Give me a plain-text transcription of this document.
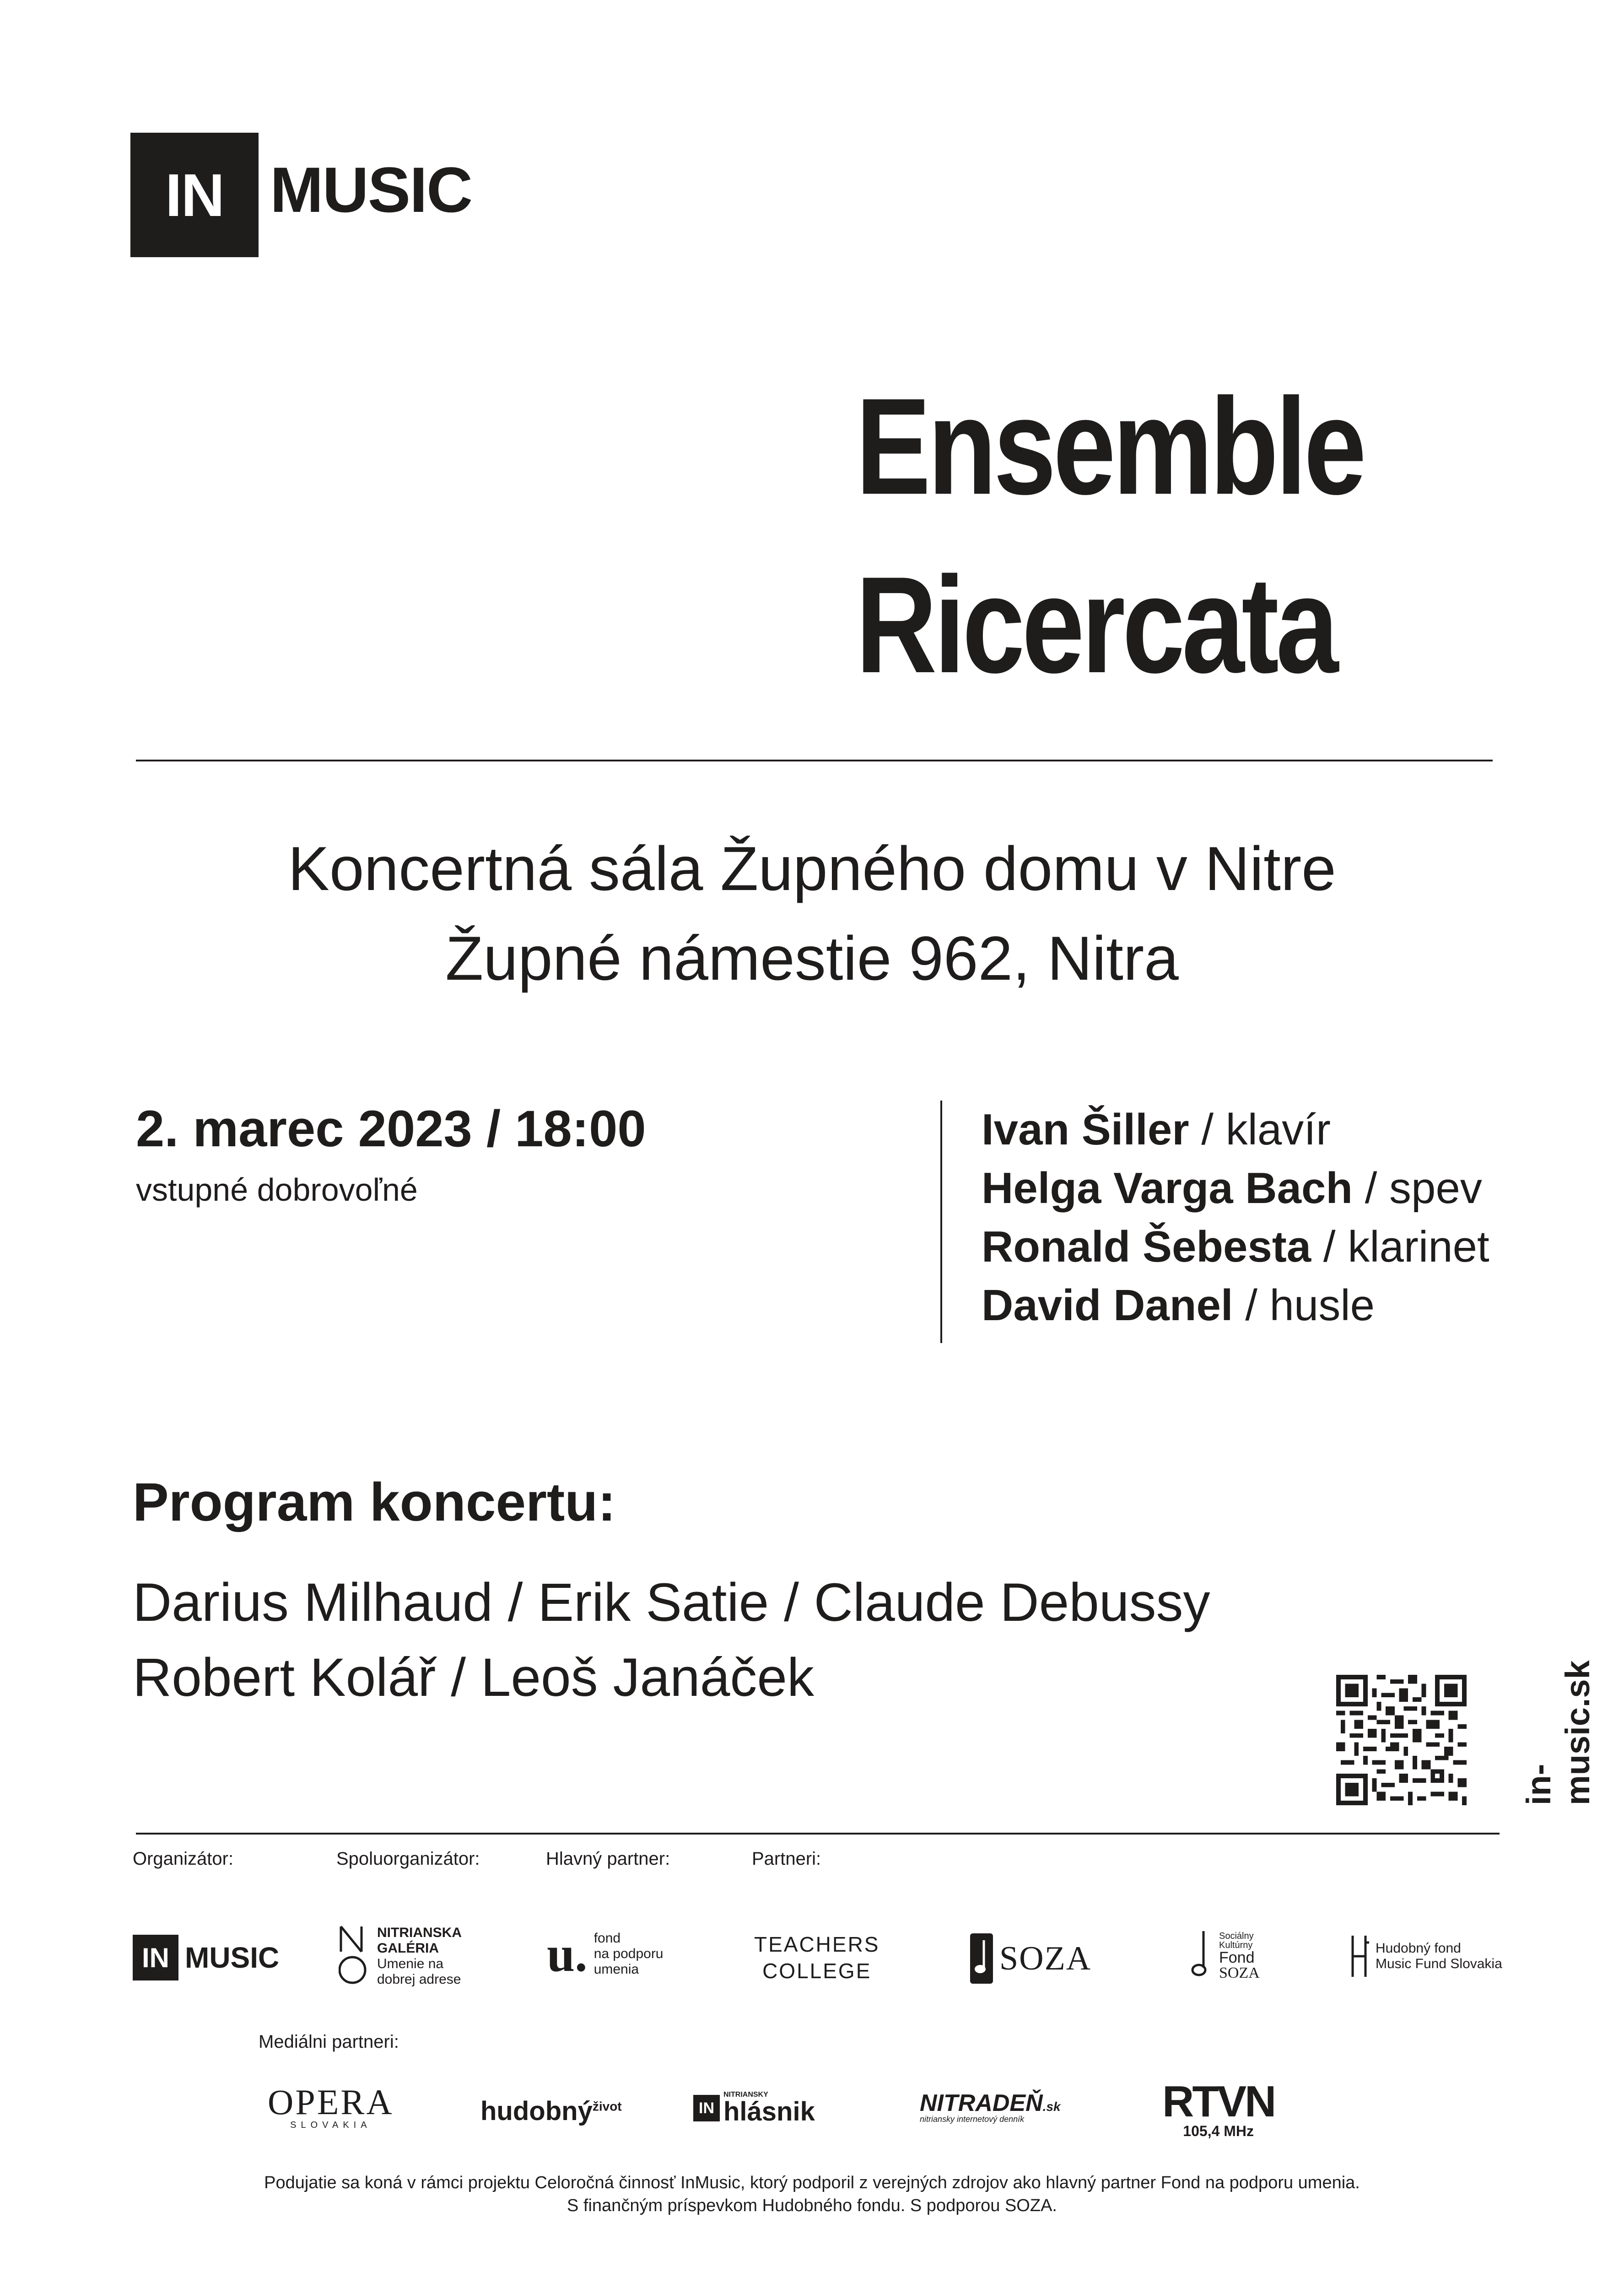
IN MUSIC
Ensemble
Ricercata
Koncertná sála Župného domu v Nitre
Župné námestie 962, Nitra
2. marec 2023 / 18:00
vstupné dobrovoľné
Ivan Šiller / klavír
Helga Varga Bach / spev
Ronald Šebesta / klarinet
David Danel / husle
Program koncertu:
Darius Milhaud / Erik Satie / Claude Debussy
Robert Kolář / Leoš Janáček
in-music.sk
Organizátor:	Spoluorganizátor:	Hlavný partner:	Partneri:
IN MUSIC
NITRIANSKA
GALÉRIA
Umenie na
dobrej adrese u. fond
na podporu
umenia
TEACHERS
COLLEGE	SOZA
Sociálny
Kultúrny
Fond
SOZA
Hudobný fond
Music Fund Slovakia
Mediálni partneri:
OPERA
SLOVAKIA	hudobný$^{život}$	IN
NITRIANSKY
hlásnik	NITRADEŇ.sk
nitriansky internetový denník	RTVN
105,4 MHz
Podujatie sa koná v rámci projektu Celoročná činnosť InMusic, ktorý podporil z verejných zdrojov ako hlavný partner Fond na podporu umenia.
S finančným príspevkom Hudobného fondu. S podporou SOZA.
